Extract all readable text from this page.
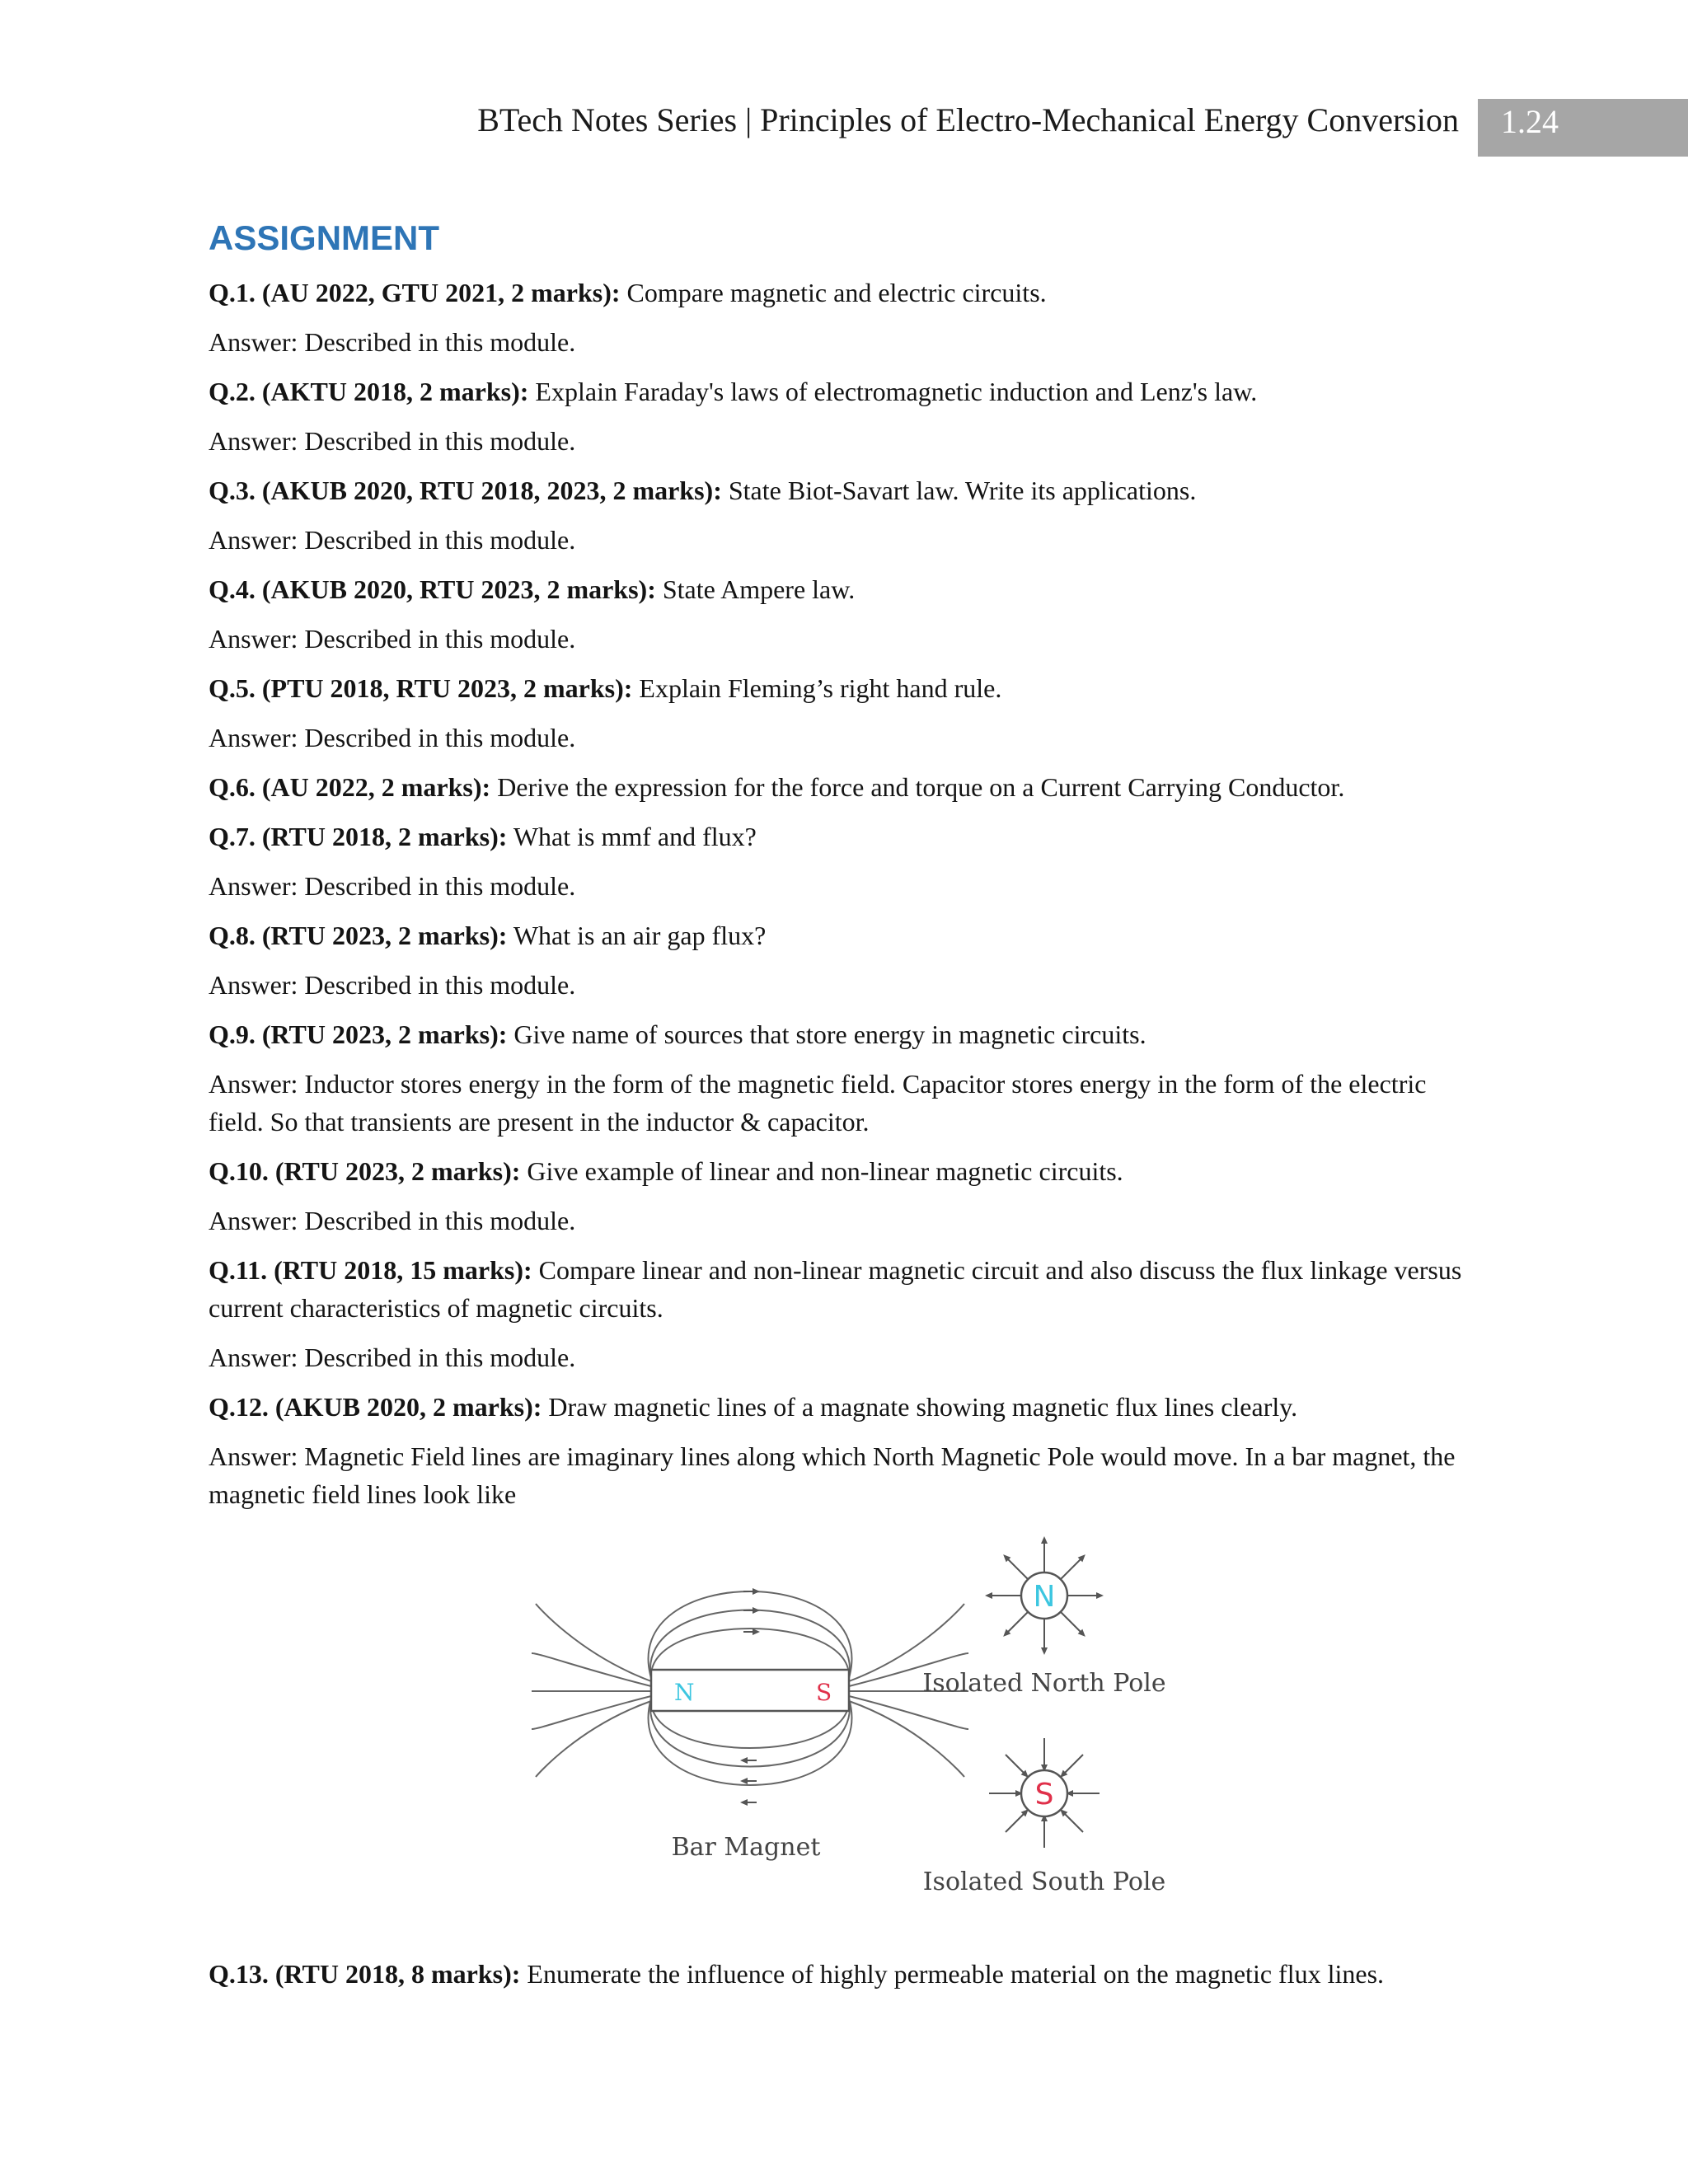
BTech Notes Series | Principles of Electro-Mechanical Energy Conversion	1.24
ASSIGNMENT

Q.1. (AU 2022, GTU 2021, 2 marks): Compare magnetic and electric circuits.

Answer: Described in this module.

Q.2. (AKTU 2018, 2 marks): Explain Faraday's laws of electromagnetic induction and Lenz's law.

Answer: Described in this module.

Q.3. (AKUB 2020, RTU 2018, 2023, 2 marks): State Biot-Savart law. Write its applications.

Answer: Described in this module.

Q.4. (AKUB 2020, RTU 2023, 2 marks): State Ampere law.

Answer: Described in this module.

Q.5. (PTU 2018, RTU 2023, 2 marks): Explain Fleming’s right hand rule.

Answer: Described in this module.

Q.6. (AU 2022, 2 marks): Derive the expression for the force and torque on a Current Carrying Conductor.

Q.7. (RTU 2018, 2 marks): What is mmf and flux?

Answer: Described in this module.

Q.8. (RTU 2023, 2 marks): What is an air gap flux?

Answer: Described in this module.

Q.9. (RTU 2023, 2 marks): Give name of sources that store energy in magnetic circuits.

Answer: Inductor stores energy in the form of the magnetic field. Capacitor stores energy in the form of the electric field. So that transients are present in the inductor & capacitor.

Q.10. (RTU 2023, 2 marks): Give example of linear and non-linear magnetic circuits.

Answer: Described in this module.

Q.11. (RTU 2018, 15 marks): Compare linear and non-linear magnetic circuit and also discuss the flux linkage versus current characteristics of magnetic circuits.

Answer: Described in this module.

Q.12. (AKUB 2020, 2 marks): Draw magnetic lines of a magnate showing magnetic flux lines clearly.

Answer: Magnetic Field lines are imaginary lines along which North Magnetic Pole would move. In a bar magnet, the magnetic field lines look like

N	S
Bar Magnet
N
Isolated North Pole
S
Isolated South Pole

Q.13. (RTU 2018, 8 marks): Enumerate the influence of highly permeable material on the magnetic flux lines.
